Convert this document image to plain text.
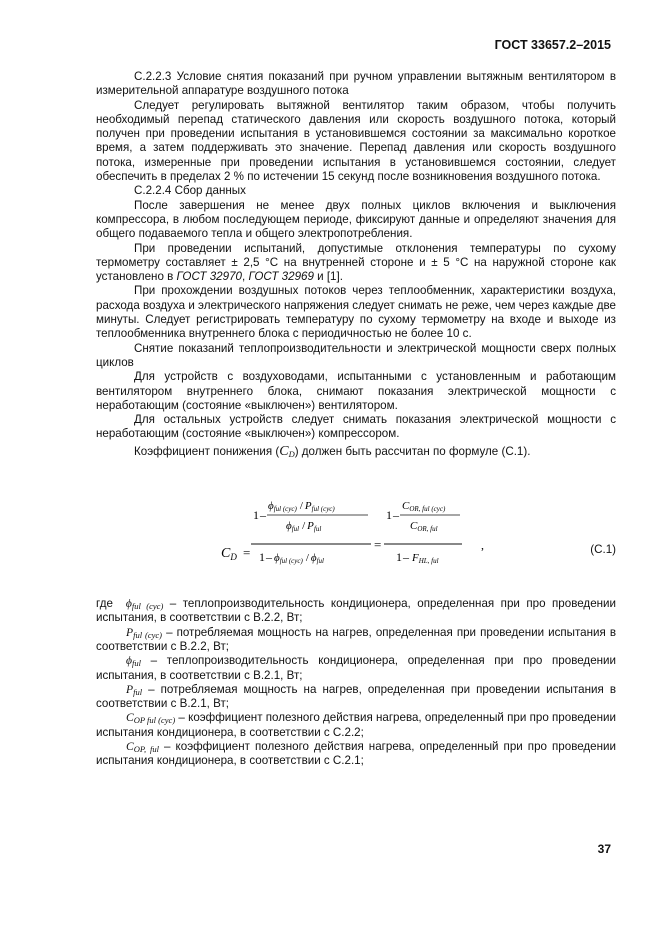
ГОСТ 33657.2–2015

С.2.2.3 Условие снятия показаний при ручном управлении вытяжным вентилятором в измерительной аппаратуре воздушного потока

Следует регулировать вытяжной вентилятор таким образом, чтобы получить необходимый перепад статического давления или скорость воздушного потока, который получен при проведении испытания в установившемся состоянии за максимально короткое время, а затем поддерживать это значение. Перепад давления или скорость воздушного потока, измеренные при проведении испытания в установившемся состоянии, следует обеспечить в пределах 2 % по истечении 15 секунд после возникновения воздушного потока.

С.2.2.4 Сбор данных

После завершения не менее двух полных циклов включения и выключения компрессора, в любом последующем периоде, фиксируют данные и определяют значения для общего подаваемого тепла и общего электропотребления.

При проведении испытаний, допустимые отклонения температуры по сухому термометру составляет ± 2,5 °С на внутренней стороне и ± 5 °С на наружной стороне как установлено в ГОСТ 32970, ГОСТ 32969 и [1].

При прохождении воздушных потоков через теплообменник, характеристики воздуха, расхода воздуха и электрического напряжения следует снимать не реже, чем через каждые две минуты. Следует регистрировать температуру по сухому термометру на входе и выходе из теплообменника внутреннего блока с периодичностью не более 10 с.

Снятие показаний теплопроизводительности и электрической мощности сверх полных циклов

Для устройств с воздуховодами, испытанными с установленным и работающим вентилятором внутреннего блока, снимают показания электрической мощности с неработающим (состояние «выключен») вентилятором.

Для остальных устройств следует снимать показания электрической мощности с неработающим (состояние «выключен») компрессором.

Коэффициент понижения $(C_D)$ должен быть рассчитан по формуле (С.1).

$C_D$ =
1 –
ϕful (cyc) / Pful (cyc)
ϕful / Pful
1 – ϕful (cyc) / ϕful
=
1 –
COR, ful (cyc)
COR, ful
1 – FHL, ful
,	(С.1)

где $\phi_{ful (cyc)}$ – теплопроизводительность кондиционера, определенная при про проведении испытания, в соответствии с В.2.2, Вт;

$P_{ful (cyc)}$ – потребляемая мощность на нагрев, определенная при проведении испытания в соответствии с В.2.2, Вт;

$\phi_{ful}$ – теплопроизводительность кондиционера, определенная при про проведении испытания, в соответствии с В.2.1, Вт;

$P_{ful}$ – потребляемая мощность на нагрев, определенная при проведении испытания в соответствии с В.2.1, Вт;

$C_{OP ful (cyc)}$ – коэффициент полезного действия нагрева, определенный при про проведении испытания кондиционера, в соответствии с С.2.2;

$C_{OP, ful}$ – коэффициент полезного действия нагрева, определенный при про проведении испытания кондиционера, в соответствии с С.2.1;

37
